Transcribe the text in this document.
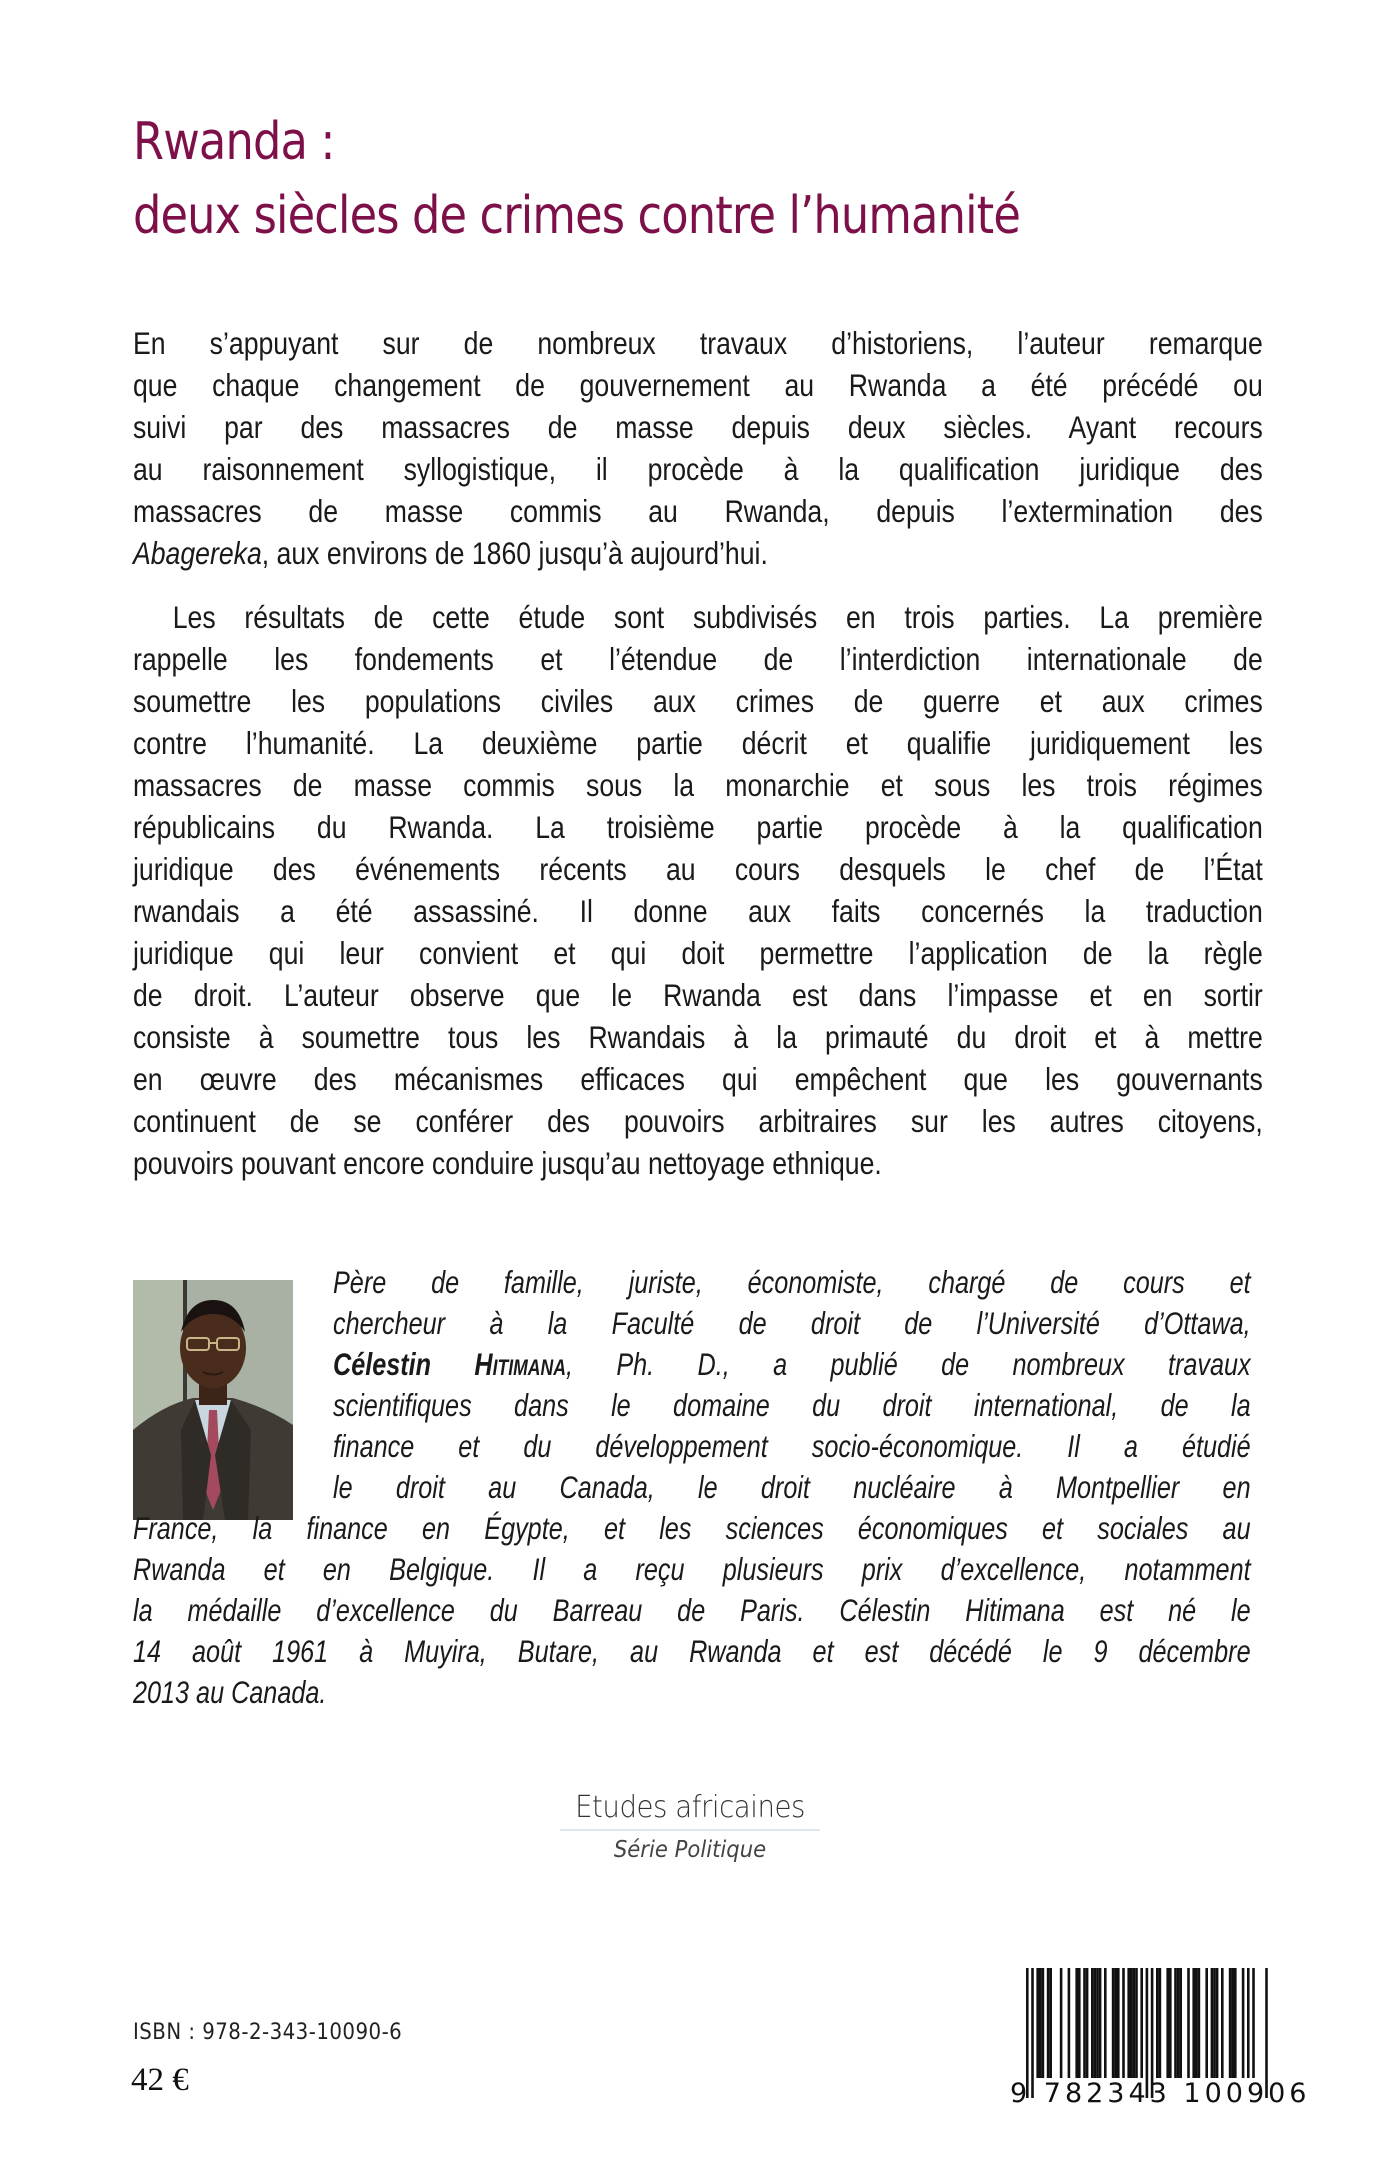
Rwanda :
deux siècles de crimes contre l’humanité
En s’appuyant sur de nombreux travaux d’historiens, l’auteur remarque
que chaque changement de gouvernement au Rwanda a été précédé ou
suivi par des massacres de masse depuis deux siècles. Ayant recours
au raisonnement syllogistique, il procède à la qualification juridique des
massacres de masse commis au Rwanda, depuis l’extermination des
Abagereka, aux environs de 1860 jusqu’à aujourd’hui.
Les résultats de cette étude sont subdivisés en trois parties. La première
rappelle les fondements et l’étendue de l’interdiction internationale de
soumettre les populations civiles aux crimes de guerre et aux crimes
contre l’humanité. La deuxième partie décrit et qualifie juridiquement les
massacres de masse commis sous la monarchie et sous les trois régimes
républicains du Rwanda. La troisième partie procède à la qualification
juridique des événements récents au cours desquels le chef de l’État
rwandais a été assassiné. Il donne aux faits concernés la traduction
juridique qui leur convient et qui doit permettre l’application de la règle
de droit. L’auteur observe que le Rwanda est dans l’impasse et en sortir
consiste à soumettre tous les Rwandais à la primauté du droit et à mettre
en œuvre des mécanismes efficaces qui empêchent que les gouvernants
continuent de se conférer des pouvoirs arbitraires sur les autres citoyens,
pouvoirs pouvant encore conduire jusqu’au nettoyage ethnique.
Père de famille, juriste, économiste, chargé de cours et
chercheur à la Faculté de droit de l’Université d’Ottawa,
Célestin Hitimana, Ph. D., a publié de nombreux travaux
scientifiques dans le domaine du droit international, de la
finance et du développement socio-économique. Il a étudié
le droit au Canada, le droit nucléaire à Montpellier en
France, la finance en Égypte, et les sciences économiques et sociales au
Rwanda et en Belgique. Il a reçu plusieurs prix d’excellence, notamment
la médaille d’excellence du Barreau de Paris. Célestin Hitimana est né le
14 août 1961 à Muyira, Butare, au Rwanda et est décédé le 9 décembre
2013 au Canada.
Etudes africaines
Série Politique
ISBN : 978-2-343-10090-6
42 €	9 782343 100906
